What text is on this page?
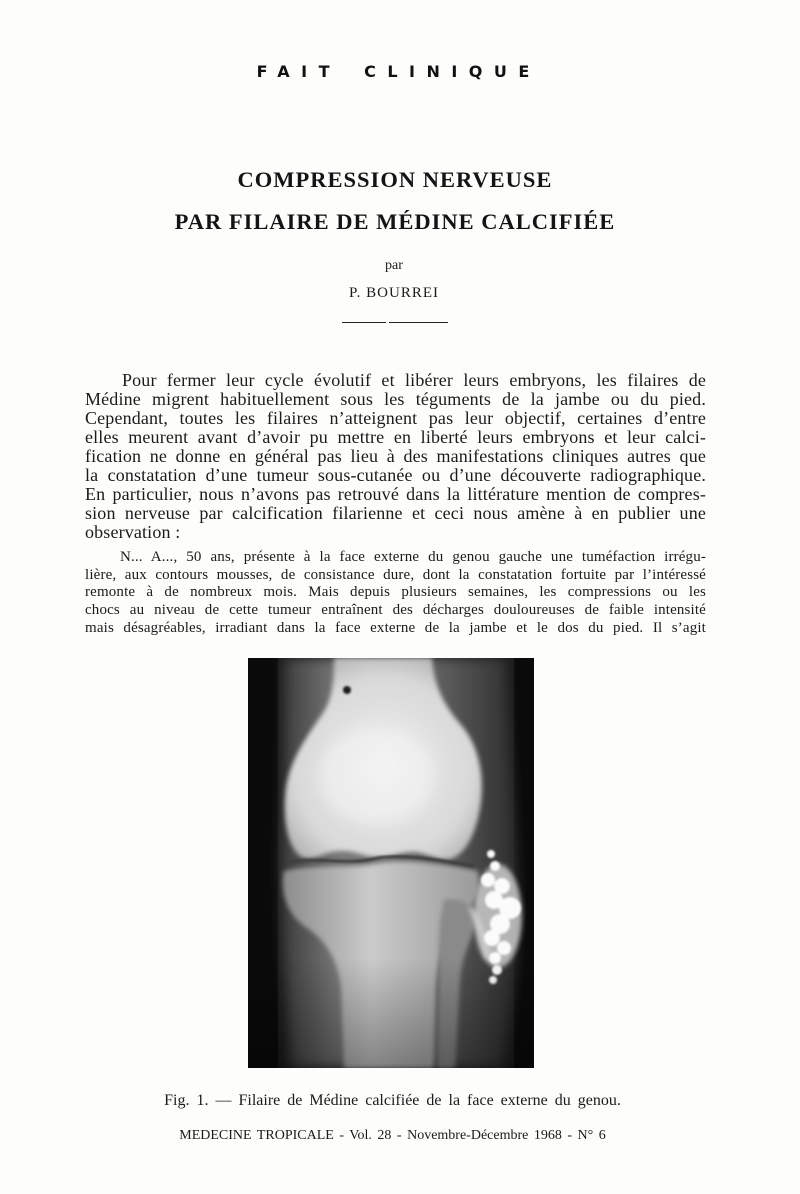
FAIT CLINIQUE
COMPRESSION NERVEUSE
PAR FILAIRE DE MÉDINE CALCIFIÉE
par
P. BOURREI
Pour fermer leur cycle évolutif et libérer leurs embryons, les filaires de
Médine migrent habituellement sous les téguments de la jambe ou du pied.
Cependant, toutes les filaires n’atteignent pas leur objectif, certaines d’entre
elles meurent avant d’avoir pu mettre en liberté leurs embryons et leur calci-
fication ne donne en général pas lieu à des manifestations cliniques autres que
la constatation d’une tumeur sous-cutanée ou d’une découverte radiographique.
En particulier, nous n’avons pas retrouvé dans la littérature mention de compres-
sion nerveuse par calcification filarienne et ceci nous amène à en publier une
observation :
N... A..., 50 ans, présente à la face externe du genou gauche une tuméfaction irrégu-
lière, aux contours mousses, de consistance dure, dont la constatation fortuite par l’intéressé
remonte à de nombreux mois. Mais depuis plusieurs semaines, les compressions ou les
chocs au niveau de cette tumeur entraînent des décharges douloureuses de faible intensité
mais désagréables, irradiant dans la face externe de la jambe et le dos du pied. Il s’agit
Fig. 1. — Filaire de Médine calcifiée de la face externe du genou.
MEDECINE TROPICALE - Vol. 28 - Novembre-Décembre 1968 - N° 6
